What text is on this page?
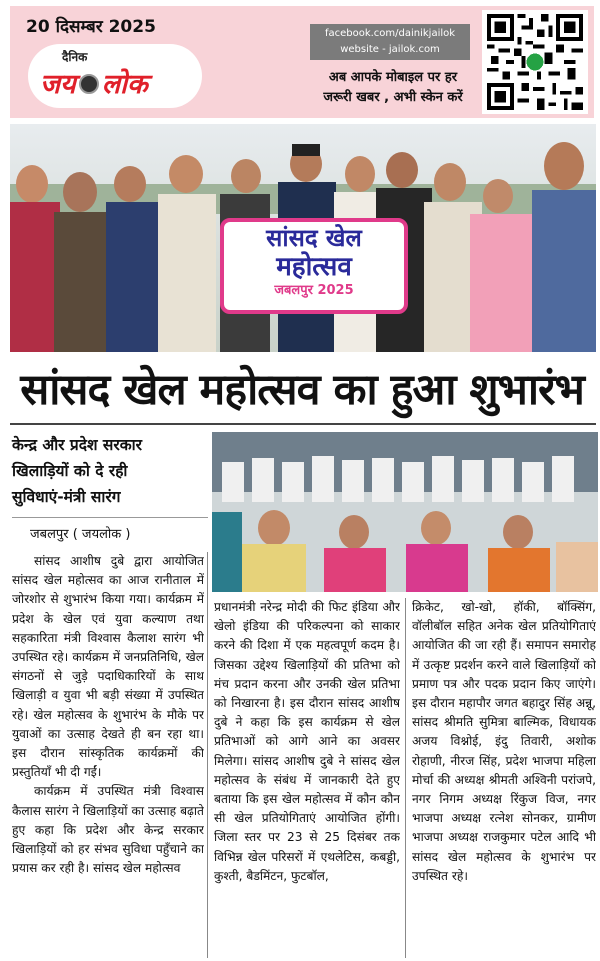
20 दिसम्बर 2025
दैनिक
जय लोक
facebook.com/dainikjailok
website - jailok.com
अब आपके मोबाइल पर हर
जरूरी खबर , अभी स्केन करें
सांसद खेल
महोत्सव
जबलपुर 2025
सांसद खेल महोत्सव का हुआ शुभारंभ
केन्द्र और प्रदेश सरकार
खिलाड़ियों को दे रही
सुविधाएं-मंत्री सारंग
जबलपुर ( जयलोक )

सांसद आशीष दुबे द्वारा आयोजित सांसद खेल महोत्सव का आज रानीताल में जोरशोर से शुभारंभ किया गया। कार्यक्रम में प्रदेश के खेल एवं युवा कल्याण तथा सहकारिता मंत्री विश्वास कैलाश सारंग भी उपस्थित रहे। कार्यक्रम में जनप्रतिनिधि, खेल संगठनों से जुड़े पदाधिकारियों के साथ खिलाड़ी व युवा भी बड़ी संख्या में उपस्थित रहे। खेल महोत्सव के शुभारंभ के मौके पर युवाओं का उत्साह देखते ही बन रहा था। इस दौरान सांस्कृतिक कार्यक्रमों की प्रस्तुतियाँ भी दी गईं।

कार्यक्रम में उपस्थित मंत्री विश्वास कैलास सारंग ने खिलाड़ियों का उत्साह बढ़ाते हुए कहा कि प्रदेश और केन्द्र सरकार खिलाड़ियों को हर संभव सुविधा पहुँचाने का प्रयास कर रही है। सांसद खेल महोत्सव

प्रधानमंत्री नरेन्द्र मोदी की फिट इंडिया और खेलो इंडिया की परिकल्पना को साकार करने की दिशा में एक महत्वपूर्ण कदम है। जिसका उद्देश्य खिलाड़ियों की प्रतिभा को मंच प्रदान करना और उनकी खेल प्रतिभा को निखारना है। इस दौरान सांसद आशीष दुबे ने कहा कि इस कार्यक्रम से खेल प्रतिभाओं को आगे आने का अवसर मिलेगा। सांसद आशीष दुबे ने सांसद खेल महोत्सव के संबंध में जानकारी देते हुए बताया कि इस खेल महोत्सव में कौन कौन सी खेल प्रतियोगिताएं आयोजित होंगी। जिला स्तर पर 23 से 25 दिसंबर तक विभिन्न खेल परिसरों में एथलेटिस, कबड्डी, कुश्ती, बैडमिंटन, फुटबॉल,

क्रिकेट, खो-खो, हॉकी, बॉक्सिंग, वॉलीबॉल सहित अनेक खेल प्रतियोगिताएं आयोजित की जा रही हैं। समापन समारोह में उत्कृष्ट प्रदर्शन करने वाले खिलाड़ियों को प्रमाण पत्र और पदक प्रदान किए जाएंगे।इस दौरान महापौर जगत बहादुर सिंह अन्नू, सांसद श्रीमति सुमित्रा बाल्मिक, विधायक अजय विश्नोई, इंदु तिवारी, अशोक रोहाणी, नीरज सिंह, प्रदेश भाजपा महिला मोर्चा की अध्यक्ष श्रीमती अश्विनी परांजपे, नगर निगम अध्यक्ष रिंकुज विज, नगर भाजपा अध्यक्ष रत्नेश सोनकर, ग्रामीण भाजपा अध्यक्ष राजकुमार पटेल आदि भी सांसद खेल महोत्सव के शुभारंभ पर उपस्थित रहे।
